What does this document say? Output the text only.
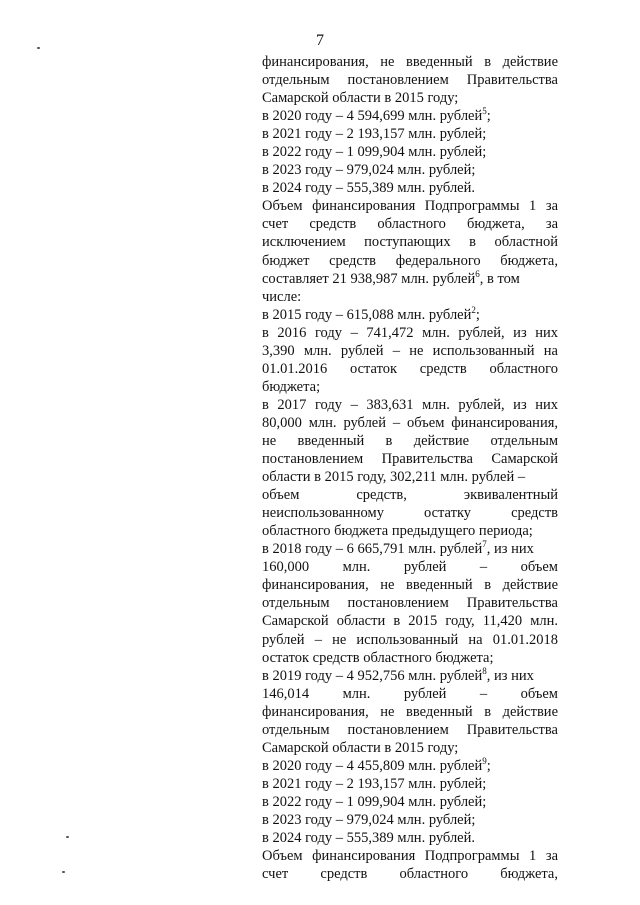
7
финансирования, не введенный в действие
отдельным постановлением Правительства
Самарской области в 2015 году;
в 2020 году – 4 594,699 млн. рублей$^5$;
в 2021 году – 2 193,157 млн. рублей;
в 2022 году – 1 099,904 млн. рублей;
в 2023 году – 979,024 млн. рублей;
в 2024 году – 555,389 млн. рублей.
Объем финансирования Подпрограммы 1 за
счет средств областного бюджета, за
исключением поступающих в областной
бюджет средств федерального бюджета,
составляет 21 938,987 млн. рублей$^6$, в том
числе:
в 2015 году – 615,088 млн. рублей$^2$;
в 2016 году – 741,472 млн. рублей, из них
3,390 млн. рублей – не использованный на
01.01.2016 остаток средств областного
бюджета;
в 2017 году – 383,631 млн. рублей, из них
80,000 млн. рублей – объем финансирования,
не введенный в действие отдельным
постановлением Правительства Самарской
области в 2015 году, 302,211 млн. рублей –
объем средств, эквивалентный
неиспользованному остатку средств
областного бюджета предыдущего периода;
в 2018 году – 6 665,791 млн. рублей$^7$, из них
160,000 млн. рублей – объем
финансирования, не введенный в действие
отдельным постановлением Правительства
Самарской области в 2015 году, 11,420 млн.
рублей – не использованный на 01.01.2018
остаток средств областного бюджета;
в 2019 году – 4 952,756 млн. рублей$^8$, из них
146,014 млн. рублей – объем
финансирования, не введенный в действие
отдельным постановлением Правительства
Самарской области в 2015 году;
в 2020 году – 4 455,809 млн. рублей$^9$;
в 2021 году – 2 193,157 млн. рублей;
в 2022 году – 1 099,904 млн. рублей;
в 2023 году – 979,024 млн. рублей;
в 2024 году – 555,389 млн. рублей.
Объем финансирования Подпрограммы 1 за
счет средств областного бюджета,
